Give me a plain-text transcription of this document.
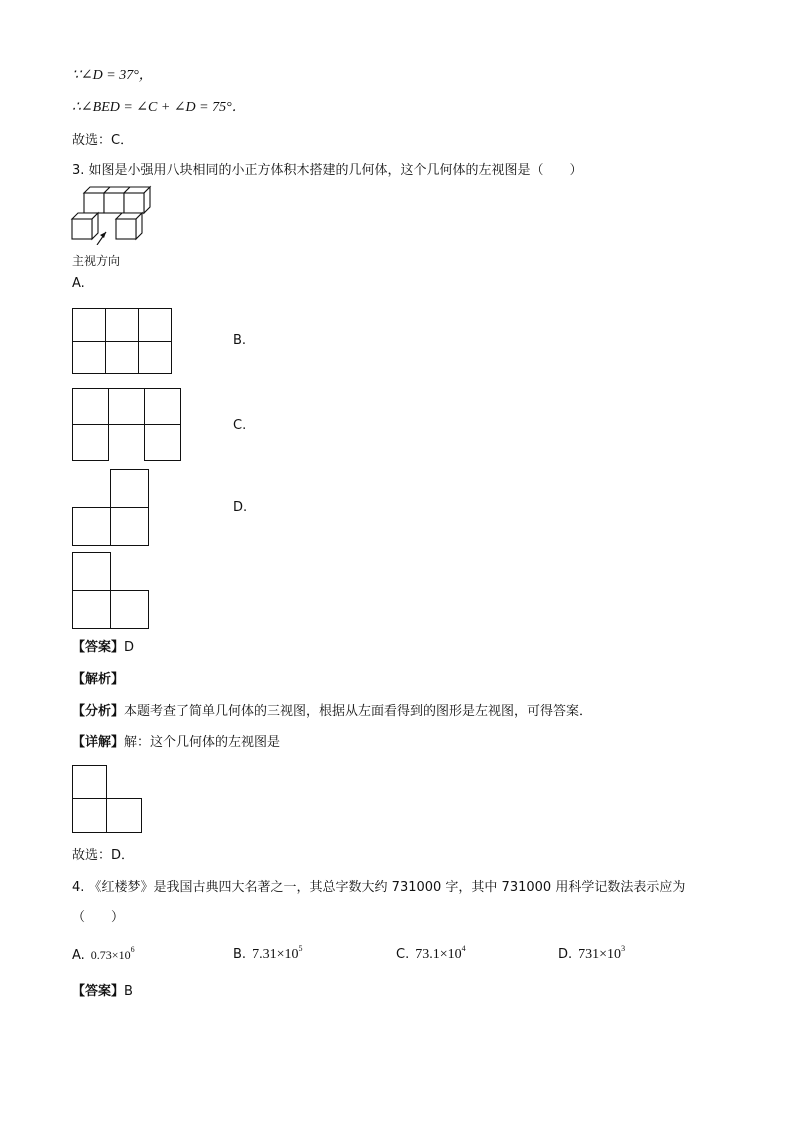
∵∠D = 37°，
∴∠BED = ∠C + ∠D = 75°．
故选：C．
3. 如图是小强用八块相同的小正方体积木搭建的几何体，这个几何体的左视图是（　　）
主视方向
A.
B.
C.
D.
【答案】D
【解析】
【分析】本题考查了简单几何体的三视图，根据从左面看得到的图形是左视图，可得答案．
【详解】解：这个几何体的左视图是
故选：D．
4. 《红楼梦》是我国古典四大名著之一，其总字数大约 731000 字，其中 731000 用科学记数法表示应为
（　　）
A. $0.73\times 10^6$	B. $7.31\times 10^5$	C. $73.1\times 10^4$	D. $731\times 10^3$
【答案】B
